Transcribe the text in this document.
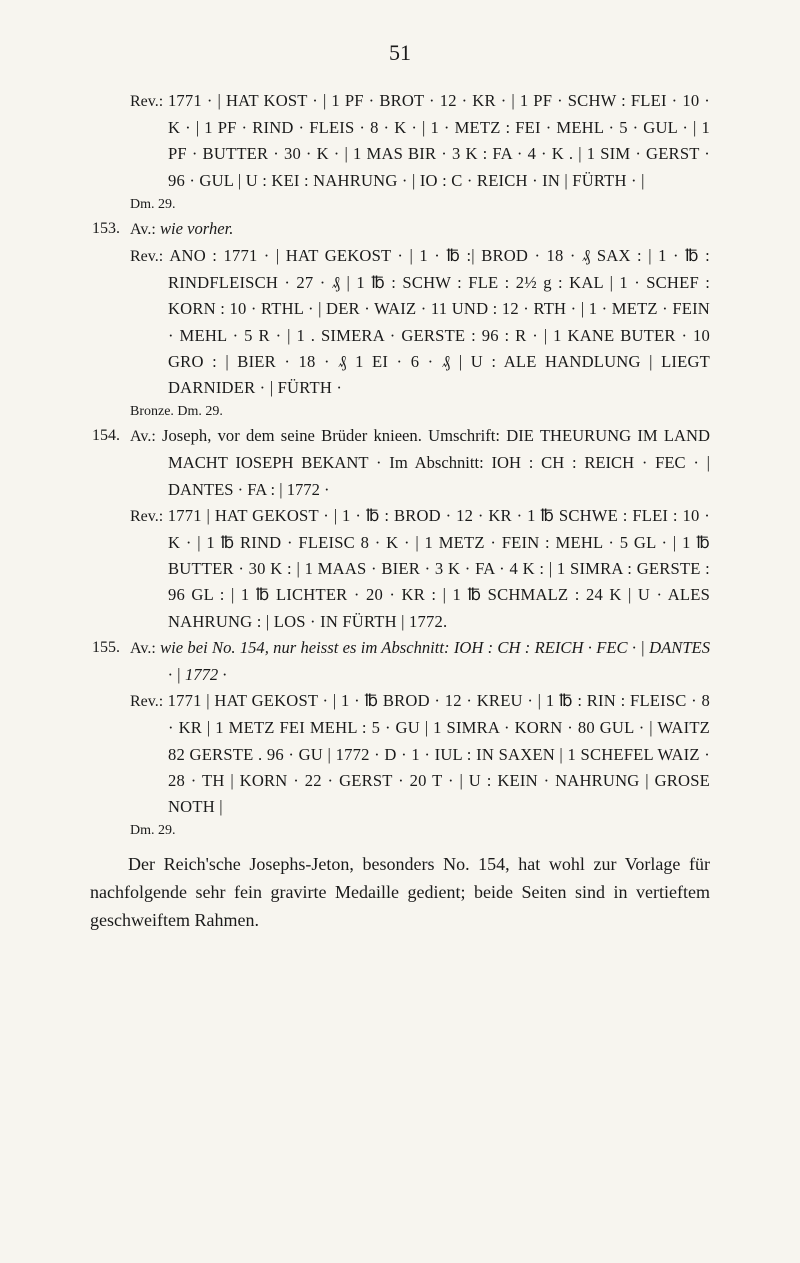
51
Rev.: 1771 · | HAT KOST · | 1 PF · BROT · 12 · KR · | 1 PF · SCHW : FLEI · 10 · K · | 1 PF · RIND · FLEIS · 8 · K · | 1 · METZ : FEI · MEHL · 5 · GUL · | 1 PF · BUTTER · 30 · K · | 1 MAS BIR · 3 K : FA · 4 · K . | 1 SIM · GERST · 96 · GUL | U : KEI : NAHRUNG · | IO : C · REICH · IN | FÜRTH · |

Dm. 29.

153. Av.: wie vorher.
Rev.: ANO : 1771 · | HAT GEKOST · | 1 · ℔ :| BROD · 18 · ₰ SAX : | 1 · ℔ : RINDFLEISCH · 27 · ₰ | 1 ℔ : SCHW : FLE : 2½ g : KAL | 1 · SCHEF : KORN : 10 · RTHL · | DER · WAIZ · 11 UND : 12 · RTH · | 1 · METZ · FEIN · MEHL · 5 R · | 1 . SIMERA · GERSTE : 96 : R · | 1 KANE BUTER · 10 GRO : | BIER · 18 · ₰ 1 EI · 6 · ₰ | U : ALE HANDLUNG | LIEGT DARNIDER · | FÜRTH ·

Bronze. Dm. 29.

154. Av.: Joseph, vor dem seine Brüder knieen. Umschrift: DIE THEURUNG IM LAND MACHT IOSEPH BEKANT · Im Abschnitt: IOH : CH : REICH · FEC · | DANTES · FA : | 1772 ·
Rev.: 1771 | HAT GEKOST · | 1 · ℔ : BROD · 12 · KR · 1 ℔ SCHWE : FLEI : 10 · K · | 1 ℔ RIND · FLEISC 8 · K · | 1 METZ · FEIN : MEHL · 5 GL · | 1 ℔ BUTTER · 30 K : | 1 MAAS · BIER · 3 K · FA · 4 K : | 1 SIMRA : GERSTE : 96 GL : | 1 ℔ LICHTER · 20 · KR : | 1 ℔ SCHMALZ : 24 K | U · ALES NAHRUNG : | LOS · IN FÜRTH | 1772.
155. Av.: wie bei No. 154, nur heisst es im Abschnitt: IOH : CH : REICH · FEC · | DANTES · | 1772 ·
Rev.: 1771 | HAT GEKOST · | 1 · ℔ BROD · 12 · KREU · | 1 ℔ : RIN : FLEISC · 8 · KR | 1 METZ FEI MEHL : 5 · GU | 1 SIMRA · KORN · 80 GUL · | WAITZ 82 GERSTE . 96 · GU | 1772 · D · 1 · IUL : IN SAXEN | 1 SCHEFEL WAIZ · 28 · TH | KORN · 22 · GERST · 20 T · | U : KEIN · NAHRUNG | GROSE NOTH |

Dm. 29.

Der Reich'sche Josephs-Jeton, besonders No. 154, hat wohl zur Vorlage für nachfolgende sehr fein gravirte Medaille gedient; beide Seiten sind in vertieftem geschweiftem Rahmen.
